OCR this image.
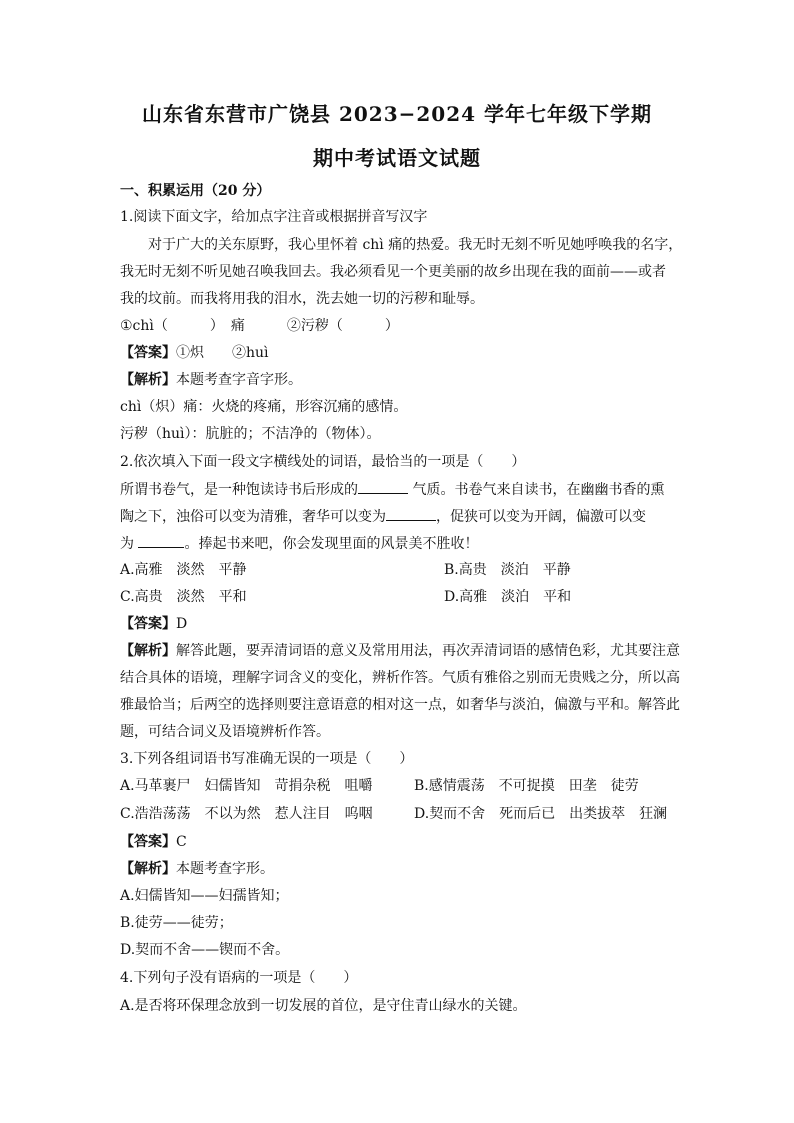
山东省东营市广饶县 2023−2024 学年七年级下学期
期中考试语文试题
一、积累运用（20 分）
1.阅读下面文字，给加点字注音或根据拼音写汉字
对于广大的关东原野，我心里怀着 chì 痛的热爱。我无时无刻不听见她呼唤我的名字，
我无时无刻不听见她召唤我回去。我必须看见一个更美丽的故乡出现在我的面前——或者
我的坟前。而我将用我的泪水，洗去她一切的污秽和耻辱。
①chì（　　　）　痛　　　②污秽（　　　）
【答案】①炽　　②huì
【解析】本题考查字音字形。
chì（炽）痛：火烧的疼痛，形容沉痛的感情。
污秽（huì）：肮脏的；不洁净的（物体）。
2.依次填入下面一段文字横线处的词语，最恰当的一项是（　　）
所谓书卷气，是一种饱读诗书后形成的	气质。书卷气来自读书，在幽幽书香的熏
陶之下，浊俗可以变为清雅，奢华可以变为	，促狭可以变为开阔，偏激可以变
为	。捧起书来吧，你会发现里面的风景美不胜收！
A.高雅　淡然　平静	B.高贵　淡泊　平静
C.高贵　淡然　平和	D.高雅　淡泊　平和
【答案】D
【解析】解答此题，要弄清词语的意义及常用用法，再次弄清词语的感情色彩，尤其要注意
结合具体的语境，理解字词含义的变化，辨析作答。气质有雅俗之别而无贵贱之分，所以高
雅最恰当；后两空的选择则要注意语意的相对这一点，如奢华与淡泊，偏激与平和。解答此
题，可结合词义及语境辨析作答。
3.下列各组词语书写准确无误的一项是（　　）
A.马革裹尸　妇儒皆知　苛捐杂税　咀嚼	B.感情震荡　不可捉摸　田垄　徒劳
C.浩浩荡荡　不以为然　惹人注目　呜咽	D.契而不舍　死而后已　出类拔萃　狂澜
【答案】C
【解析】本题考查字形。
A.妇儒皆知——妇孺皆知；
B.徒劳——徒劳；
D.契而不舍——锲而不舍。
4.下列句子没有语病的一项是（　　）
A.是否将环保理念放到一切发展的首位，是守住青山绿水的关键。
